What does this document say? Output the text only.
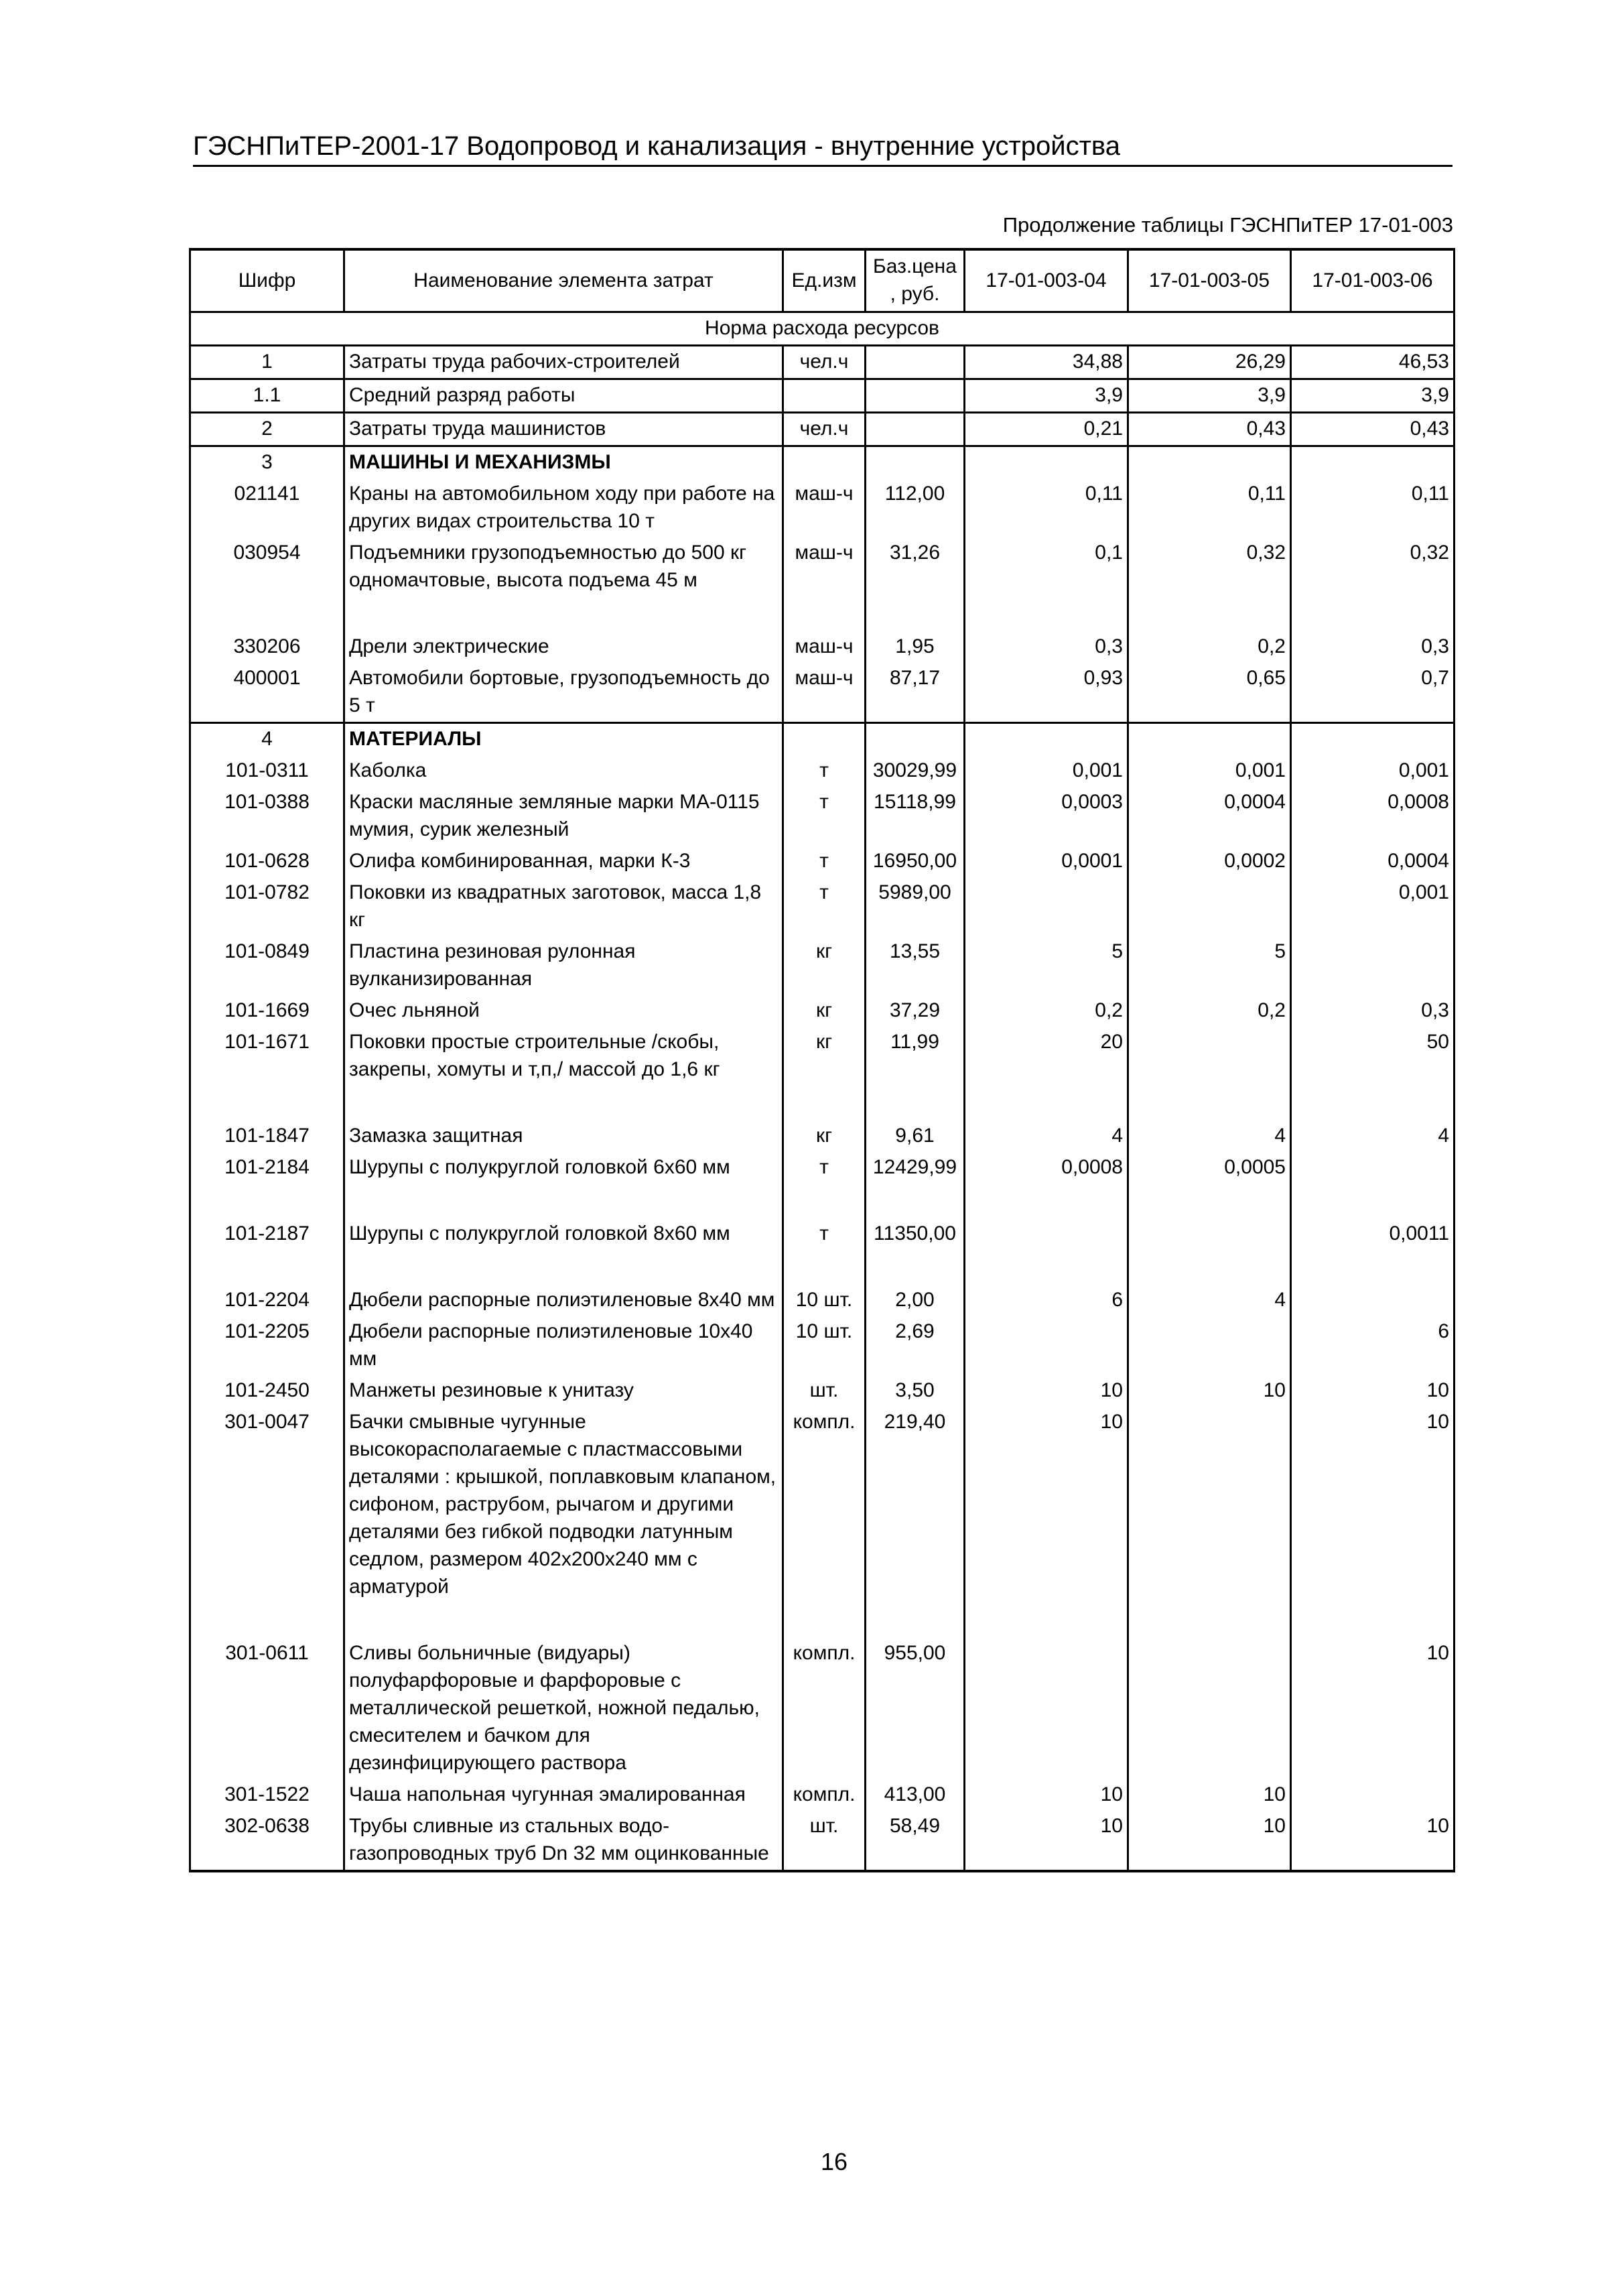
ГЭСНПиТЕР-2001-17 Водопровод и канализация - внутренние устройства
Продолжение таблицы ГЭСНПиТЕР 17-01-003
Шифр	Наименование элемента затрат	Ед.изм	Баз.цена, руб.	17-01-003-04	17-01-003-05	17-01-003-06
Норма расхода ресурсов						
1	Затраты труда рабочих-строителей	чел.ч		34,88	26,29	46,53
1.1	Средний разряд работы			3,9	3,9	3,9
2	Затраты труда машинистов	чел.ч		0,21	0,43	0,43
3	МАШИНЫ И МЕХАНИЗМЫ					
021141	Краны на автомобильном ходу при работе на других видах строительства 10 т	маш-ч	112,00	0,11	0,11	0,11
030954	Подъемники грузоподъемностью до 500 кг одномачтовые, высота подъема 45 м	маш-ч	31,26	0,1	0,32	0,32

330206	Дрели электрические	маш-ч	1,95	0,3	0,2	0,3
400001	Автомобили бортовые, грузоподъемность до 5 т	маш-ч	87,17	0,93	0,65	0,7
4	МАТЕРИАЛЫ					
101-0311	Каболка	т	30029,99	0,001	0,001	0,001
101-0388	Краски масляные земляные марки МА-0115 мумия, сурик железный	т	15118,99	0,0003	0,0004	0,0008
101-0628	Олифа комбинированная, марки К-3	т	16950,00	0,0001	0,0002	0,0004
101-0782	Поковки из квадратных заготовок, масса 1,8 кг	т	5989,00			0,001
101-0849	Пластина резиновая рулонная вулканизированная	кг	13,55	5	5	
101-1669	Очес льняной	кг	37,29	0,2	0,2	0,3
101-1671	Поковки простые строительные /скобы, закрепы, хомуты и т,п,/ массой до 1,6 кг	кг	11,99	20		50

101-1847	Замазка защитная	кг	9,61	4	4	4
101-2184	Шурупы с полукруглой головкой 6х60 мм	т	12429,99	0,0008	0,0005	

101-2187	Шурупы с полукруглой головкой 8х60 мм	т	11350,00			0,0011

101-2204	Дюбели распорные полиэтиленовые 8х40 мм	10 шт.	2,00	6	4	
101-2205	Дюбели распорные полиэтиленовые 10х40 мм	10 шт.	2,69			6
101-2450	Манжеты резиновые к унитазу	шт.	3,50	10	10	10
301-0047	Бачки смывные чугунные высокорасполагаемые с пластмассовыми деталями : крышкой, поплавковым клапаном, сифоном, раструбом, рычагом и другими деталями без гибкой подводки латунным седлом, размером 402х200х240 мм с арматурой	компл.	219,40	10		10

301-0611	Сливы больничные (видуары) полуфарфоровые и фарфоровые с металлической решеткой, ножной педалью, смесителем и бачком для дезинфицирующего раствора	компл.	955,00			10
301-1522	Чаша напольная чугунная эмалированная	компл.	413,00	10	10	
302-0638	Трубы сливные из стальных водо-газопроводных труб Dn 32 мм оцинкованные	шт.	58,49	10	10	10
16
